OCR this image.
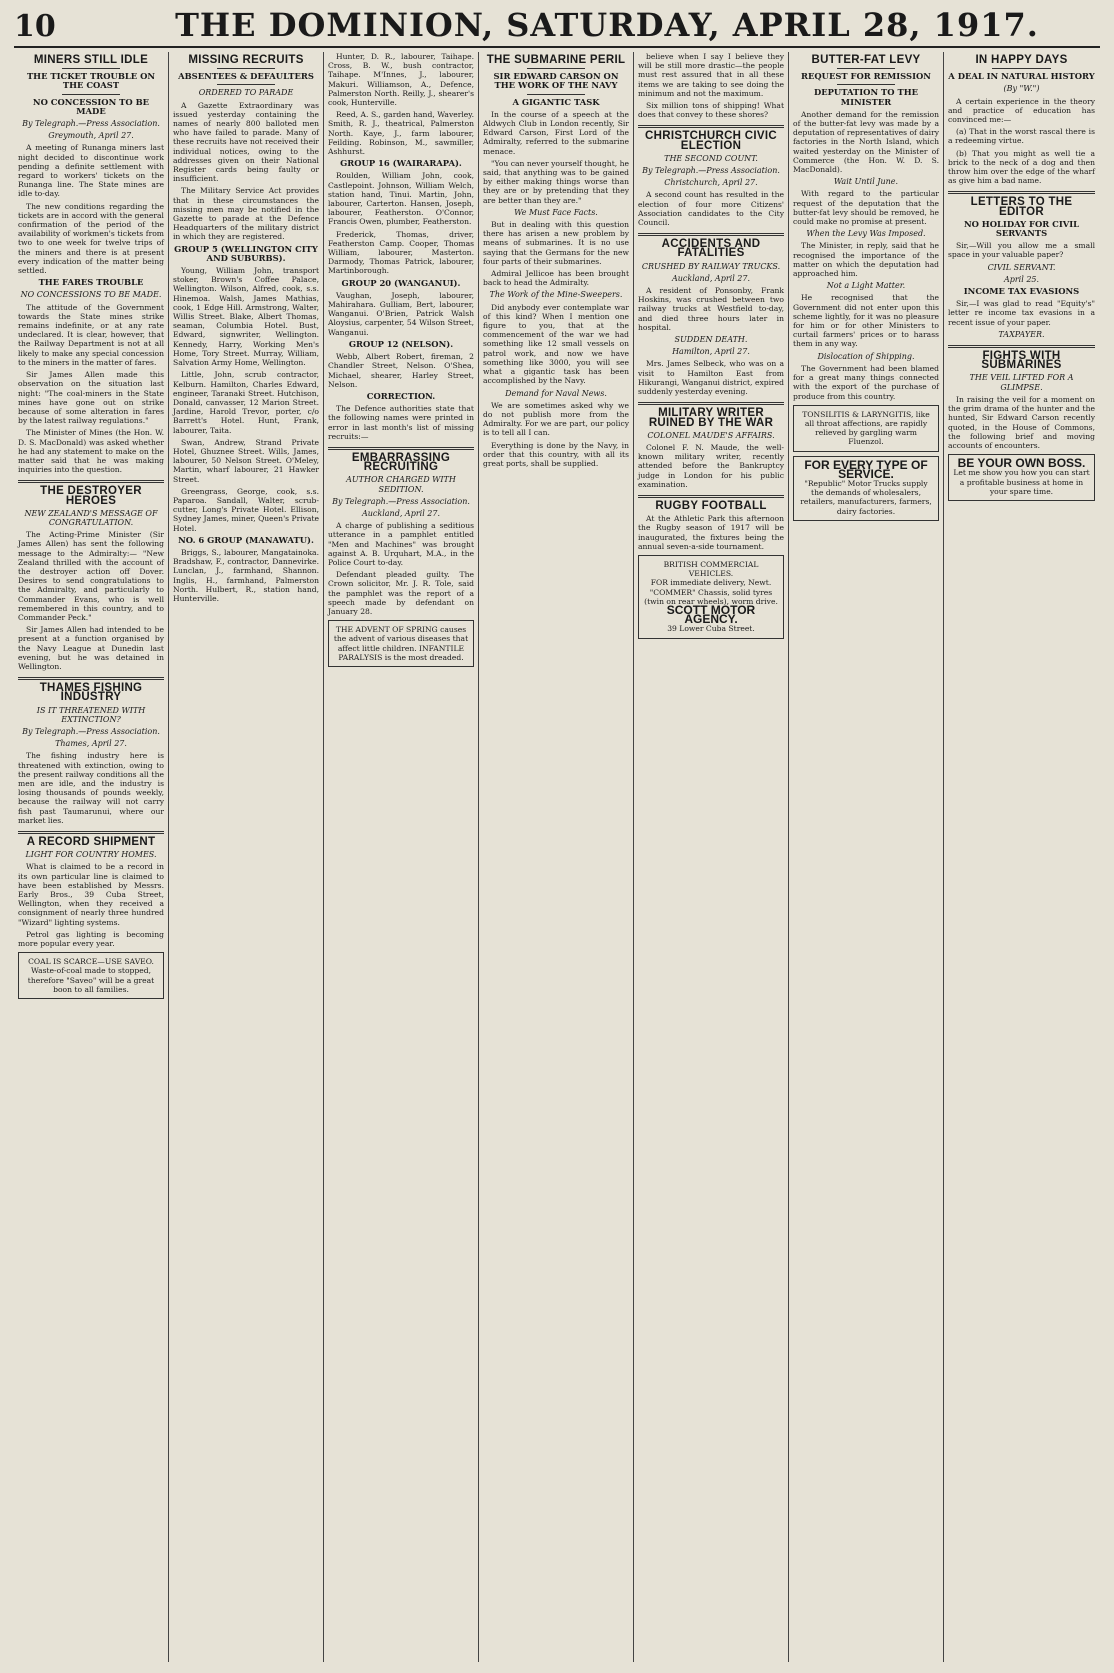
10	THE DOMINION, SATURDAY, APRIL 28, 1917.
MINERS STILL IDLE
THE TICKET TROUBLE ON THE COAST
NO CONCESSION TO BE MADE
By Telegraph.—Press Association.
Greymouth, April 27.

A meeting of Runanga miners last night decided to discontinue work pending a definite settlement with regard to workers' tickets on the Runanga line. The State mines are idle to-day.

The new conditions regarding the tickets are in accord with the general confirmation of the period of the availability of workmen's tickets from two to one week for twelve trips of the miners and there is at present every indication of the matter being settled.

THE FARES TROUBLE
NO CONCESSIONS TO BE MADE.

The attitude of the Government towards the State mines strike remains indefinite, or at any rate undeclared. It is clear, however, that the Railway Department is not at all likely to make any special concession to the miners in the matter of fares.

Sir James Allen made this observation on the situation last night: "The coal-miners in the State mines have gone out on strike because of some alteration in fares by the latest railway regulations."

The Minister of Mines (the Hon. W. D. S. MacDonald) was asked whether he had any statement to make on the matter said that he was making inquiries into the question.

THE DESTROYER HEROES
NEW ZEALAND'S MESSAGE OF CONGRATULATION.

The Acting-Prime Minister (Sir James Allen) has sent the following message to the Admiralty:— "New Zealand thrilled with the account of the destroyer action off Dover. Desires to send congratulations to the Admiralty, and particularly to Commander Evans, who is well remembered in this country, and to Commander Peck."

Sir James Allen had intended to be present at a function organised by the Navy League at Dunedin last evening, but he was detained in Wellington.

THAMES FISHING INDUSTRY
IS IT THREATENED WITH EXTINCTION?
By Telegraph.—Press Association.
Thames, April 27.

The fishing industry here is threatened with extinction, owing to the present railway conditions all the men are idle, and the industry is losing thousands of pounds weekly, because the railway will not carry fish past Taumarunui, where our market lies.

A RECORD SHIPMENT
LIGHT FOR COUNTRY HOMES.

What is claimed to be a record in its own particular line is claimed to have been established by Messrs. Early Bros., 39 Cuba Street, Wellington, when they received a consignment of nearly three hundred "Wizard" lighting systems.

Petrol gas lighting is becoming more popular every year.

COAL IS SCARCE—USE SAVEO. Waste-of-coal made to stopped, therefore "Saveo" will be a great boon to all families.
MISSING RECRUITS
ABSENTEES & DEFAULTERS
ORDERED TO PARADE

A Gazette Extraordinary was issued yesterday containing the names of nearly 800 balloted men who have failed to parade. Many of these recruits have not received their individual notices, owing to the addresses given on their National Register cards being faulty or insufficient.

The Military Service Act provides that in these circumstances the missing men may be notified in the Gazette to parade at the Defence Headquarters of the military district in which they are registered.

GROUP 5 (WELLINGTON CITY AND SUBURBS).

Young, William John, transport stoker, Brown's Coffee Palace, Wellington. Wilson, Alfred, cook, s.s. Hinemoa. Walsh, James Mathias, cook, 1 Edge Hill. Armstrong, Walter, Willis Street. Blake, Albert Thomas, seaman, Columbia Hotel. Bust, Edward, signwriter, Wellington. Kennedy, Harry, Working Men's Home, Tory Street. Murray, William, Salvation Army Home, Wellington.

Little, John, scrub contractor, Kelburn. Hamilton, Charles Edward, engineer, Taranaki Street. Hutchison, Donald, canvasser, 12 Marion Street. Jardine, Harold Trevor, porter, c/o Barrett's Hotel. Hunt, Frank, labourer, Taita.

Swan, Andrew, Strand Private Hotel, Ghuznee Street. Wills, James, labourer, 50 Nelson Street. O'Meley, Martin, wharf labourer, 21 Hawker Street.

Greengrass, George, cook, s.s. Paparoa. Sandall, Walter, scrub-cutter, Long's Private Hotel. Ellison, Sydney James, miner, Queen's Private Hotel.

NO. 6 GROUP (MANAWATU).

Briggs, S., labourer, Mangatainoka. Bradshaw, F., contractor, Dannevirke. Lunclan, J., farmhand, Shannon. Inglis, H., farmhand, Palmerston North. Hulbert, R., station hand, Hunterville.

Hunter, D. R., labourer, Taihape. Cross, B. W., bush contractor, Taihape. M'Innes, J., labourer, Makuri. Williamson, A., Defence, Palmerston North. Reilly, J., shearer's cook, Hunterville.

Reed, A. S., garden hand, Waverley. Smith, R. J., theatrical, Palmerston North. Kaye, J., farm labourer, Feilding. Robinson, M., sawmiller, Ashhurst.

GROUP 16 (WAIRARAPA).

Roulden, William John, cook, Castlepoint. Johnson, William Welch, station hand, Tinui. Martin, John, labourer, Carterton. Hansen, Joseph, labourer, Featherston. O'Connor, Francis Owen, plumber, Featherston.

Frederick, Thomas, driver, Featherston Camp. Cooper, Thomas William, labourer, Masterton. Darmody, Thomas Patrick, labourer, Martinborough.

GROUP 20 (WANGANUI).

Vaughan, Joseph, labourer, Mahirahara. Gulliam, Bert, labourer, Wanganui. O'Brien, Patrick Walsh Aloysius, carpenter, 54 Wilson Street, Wanganui.

GROUP 12 (NELSON).

Webb, Albert Robert, fireman, 2 Chandler Street, Nelson. O'Shea, Michael, shearer, Harley Street, Nelson.

CORRECTION.

The Defence authorities state that the following names were printed in error in last month's list of missing recruits:—

EMBARRASSING RECRUITING
AUTHOR CHARGED WITH SEDITION.
By Telegraph.—Press Association.
Auckland, April 27.

A charge of publishing a seditious utterance in a pamphlet entitled "Men and Machines" was brought against A. B. Urquhart, M.A., in the Police Court to-day.

Defendant pleaded guilty. The Crown solicitor, Mr. J. R. Tole, said the pamphlet was the report of a speech made by defendant on January 28.

THE ADVENT OF SPRING causes the advent of various diseases that affect little children. INFANTILE PARALYSIS is the most dreaded.
THE SUBMARINE PERIL
SIR EDWARD CARSON ON THE WORK OF THE NAVY
A GIGANTIC TASK

In the course of a speech at the Aldwych Club in London recently, Sir Edward Carson, First Lord of the Admiralty, referred to the submarine menace.

"You can never yourself thought, he said, that anything was to be gained by either making things worse than they are or by pretending that they are better than they are."

We Must Face Facts.

But in dealing with this question there has arisen a new problem by means of submarines. It is no use saying that the Germans for the new four parts of their submarines.

Admiral Jellicoe has been brought back to head the Admiralty.

The Work of the Mine-Sweepers.

Did anybody ever contemplate war of this kind? When I mention one figure to you, that at the commencement of the war we had something like 12 small vessels on patrol work, and now we have something like 3000, you will see what a gigantic task has been accomplished by the Navy.

Demand for Naval News.

We are sometimes asked why we do not publish more from the Admiralty. For we are part, our policy is to tell all I can.

Everything is done by the Navy, in order that this country, with all its great ports, shall be supplied.

believe when I say I believe they will be still more drastic—the people must rest assured that in all these items we are taking to see doing the minimum and not the maximum.

Six million tons of shipping! What does that convey to these shores?

CHRISTCHURCH CIVIC ELECTION
THE SECOND COUNT.
By Telegraph.—Press Association.
Christchurch, April 27.

A second count has resulted in the election of four more Citizens' Association candidates to the City Council.

ACCIDENTS AND FATALITIES
CRUSHED BY RAILWAY TRUCKS.
Auckland, April 27.

A resident of Ponsonby, Frank Hoskins, was crushed between two railway trucks at Westfield to-day, and died three hours later in hospital.

SUDDEN DEATH.
Hamilton, April 27.

Mrs. James Selbeck, who was on a visit to Hamilton East from Hikurangi, Wanganui district, expired suddenly yesterday evening.

MILITARY WRITER RUINED BY THE WAR
COLONEL MAUDE'S AFFAIRS.

Colonel F. N. Maude, the well-known military writer, recently attended before the Bankruptcy judge in London for his public examination.

RUGBY FOOTBALL

At the Athletic Park this afternoon the Rugby season of 1917 will be inaugurated, the fixtures being the annual seven-a-side tournament.

BRITISH COMMERCIAL VEHICLES.
FOR immediate delivery, Newt. "COMMER" Chassis, solid tyres (twin on rear wheels), worm drive.
SCOTT MOTOR AGENCY.
39 Lower Cuba Street.
BUTTER-FAT LEVY
REQUEST FOR REMISSION
DEPUTATION TO THE MINISTER

Another demand for the remission of the butter-fat levy was made by a deputation of representatives of dairy factories in the North Island, which waited yesterday on the Minister of Commerce (the Hon. W. D. S. MacDonald).

Wait Until June.

With regard to the particular request of the deputation that the butter-fat levy should be removed, he could make no promise at present.

When the Levy Was Imposed.

The Minister, in reply, said that he recognised the importance of the matter on which the deputation had approached him.

Not a Light Matter.

He recognised that the Government did not enter upon this scheme lightly, for it was no pleasure for him or for other Ministers to curtail farmers' prices or to harass them in any way.

Dislocation of Shipping.

The Government had been blamed for a great many things connected with the export of the purchase of produce from this country.

TONSILITIS & LARYNGITIS, like all throat affections, are rapidly relieved by gargling warm Fluenzol.
FOR EVERY TYPE OF SERVICE.
"Republic" Motor Trucks supply the demands of wholesalers, retailers, manufacturers, farmers, dairy factories.
IN HAPPY DAYS
A DEAL IN NATURAL HISTORY
(By "W.")

A certain experience in the theory and practice of education has convinced me:—

(a) That in the worst rascal there is a redeeming virtue.

(b) That you might as well tie a brick to the neck of a dog and then throw him over the edge of the wharf as give him a bad name.

LETTERS TO THE EDITOR
NO HOLIDAY FOR CIVIL SERVANTS

Sir,—Will you allow me a small space in your valuable paper?

CIVIL SERVANT.
April 25.
INCOME TAX EVASIONS

Sir,—I was glad to read "Equity's" letter re income tax evasions in a recent issue of your paper.

TAXPAYER.
FIGHTS WITH SUBMARINES
THE VEIL LIFTED FOR A GLIMPSE.

In raising the veil for a moment on the grim drama of the hunter and the hunted, Sir Edward Carson recently quoted, in the House of Commons, the following brief and moving accounts of encounters.

BE YOUR OWN BOSS.
Let me show you how you can start a profitable business at home in your spare time.
